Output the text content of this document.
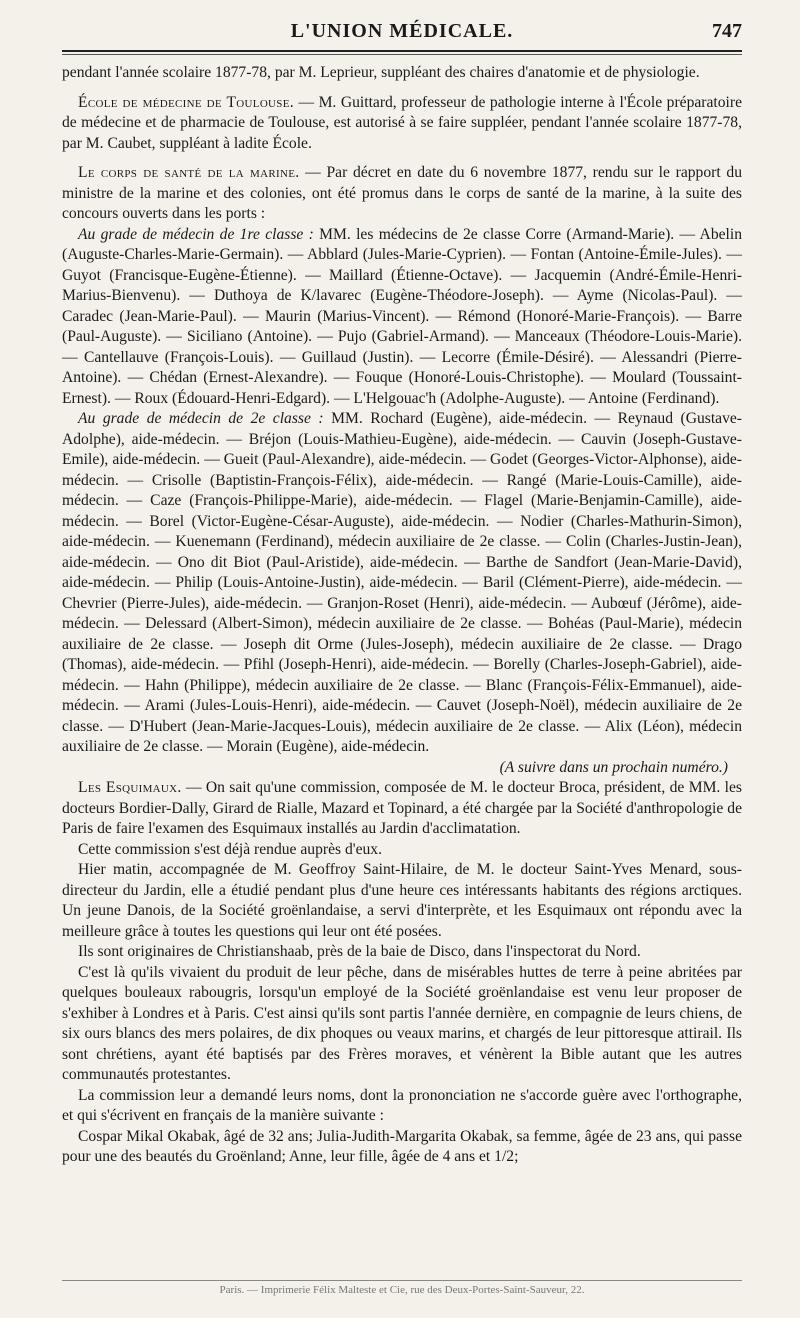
L'UNION MÉDICALE.	747

pendant l'année scolaire 1877-78, par M. Leprieur, suppléant des chaires d'anatomie et de physiologie.

École de médecine de Toulouse. — M. Guittard, professeur de pathologie interne à l'École préparatoire de médecine et de pharmacie de Toulouse, est autorisé à se faire suppléer, pendant l'année scolaire 1877-78, par M. Caubet, suppléant à ladite École.

Le corps de santé de la marine. — Par décret en date du 6 novembre 1877, rendu sur le rapport du ministre de la marine et des colonies, ont été promus dans le corps de santé de la marine, à la suite des concours ouverts dans les ports :

Au grade de médecin de 1re classe : MM. les médecins de 2e classe Corre (Armand-Marie). — Abelin (Auguste-Charles-Marie-Germain). — Abblard (Jules-Marie-Cyprien). — Fontan (Antoine-Émile-Jules). — Guyot (Francisque-Eugène-Étienne). — Maillard (Étienne-Octave). — Jacquemin (André-Émile-Henri-Marius-Bienvenu). — Duthoya de K/lavarec (Eugène-Théodore-Joseph). — Ayme (Nicolas-Paul). — Caradec (Jean-Marie-Paul). — Maurin (Marius-Vincent). — Rémond (Honoré-Marie-François). — Barre (Paul-Auguste). — Siciliano (Antoine). — Pujo (Gabriel-Armand). — Manceaux (Théodore-Louis-Marie). — Cantellauve (François-Louis). — Guillaud (Justin). — Lecorre (Émile-Désiré). — Alessandri (Pierre-Antoine). — Chédan (Ernest-Alexandre). — Fouque (Honoré-Louis-Christophe). — Moulard (Toussaint-Ernest). — Roux (Édouard-Henri-Edgard). — L'Helgouac'h (Adolphe-Auguste). — Antoine (Ferdinand).

Au grade de médecin de 2e classe : MM. Rochard (Eugène), aide-médecin. — Reynaud (Gustave-Adolphe), aide-médecin. — Bréjon (Louis-Mathieu-Eugène), aide-médecin. — Cauvin (Joseph-Gustave-Emile), aide-médecin. — Gueit (Paul-Alexandre), aide-médecin. — Godet (Georges-Victor-Alphonse), aide-médecin. — Crisolle (Baptistin-François-Félix), aide-médecin. — Rangé (Marie-Louis-Camille), aide-médecin. — Caze (François-Philippe-Marie), aide-médecin. — Flagel (Marie-Benjamin-Camille), aide-médecin. — Borel (Victor-Eugène-César-Auguste), aide-médecin. — Nodier (Charles-Mathurin-Simon), aide-médecin. — Kuenemann (Ferdinand), médecin auxiliaire de 2e classe. — Colin (Charles-Justin-Jean), aide-médecin. — Ono dit Biot (Paul-Aristide), aide-médecin. — Barthe de Sandfort (Jean-Marie-David), aide-médecin. — Philip (Louis-Antoine-Justin), aide-médecin. — Baril (Clément-Pierre), aide-médecin. — Chevrier (Pierre-Jules), aide-médecin. — Granjon-Roset (Henri), aide-médecin. — Aubœuf (Jérôme), aide-médecin. — Delessard (Albert-Simon), médecin auxiliaire de 2e classe. — Bohéas (Paul-Marie), médecin auxiliaire de 2e classe. — Joseph dit Orme (Jules-Joseph), médecin auxiliaire de 2e classe. — Drago (Thomas), aide-médecin. — Pfihl (Joseph-Henri), aide-médecin. — Borelly (Charles-Joseph-Gabriel), aide-médecin. — Hahn (Philippe), médecin auxiliaire de 2e classe. — Blanc (François-Félix-Emmanuel), aide-médecin. — Arami (Jules-Louis-Henri), aide-médecin. — Cauvet (Joseph-Noël), médecin auxiliaire de 2e classe. — D'Hubert (Jean-Marie-Jacques-Louis), médecin auxiliaire de 2e classe. — Alix (Léon), médecin auxiliaire de 2e classe. — Morain (Eugène), aide-médecin.

(A suivre dans un prochain numéro.)

Les Esquimaux. — On sait qu'une commission, composée de M. le docteur Broca, président, de MM. les docteurs Bordier-Dally, Girard de Rialle, Mazard et Topinard, a été chargée par la Société d'anthropologie de Paris de faire l'examen des Esquimaux installés au Jardin d'acclimatation.

Cette commission s'est déjà rendue auprès d'eux.

Hier matin, accompagnée de M. Geoffroy Saint-Hilaire, de M. le docteur Saint-Yves Menard, sous-directeur du Jardin, elle a étudié pendant plus d'une heure ces intéressants habitants des régions arctiques. Un jeune Danois, de la Société groënlandaise, a servi d'interprète, et les Esquimaux ont répondu avec la meilleure grâce à toutes les questions qui leur ont été posées.

Ils sont originaires de Christianshaab, près de la baie de Disco, dans l'inspectorat du Nord.

C'est là qu'ils vivaient du produit de leur pêche, dans de misérables huttes de terre à peine abritées par quelques bouleaux rabougris, lorsqu'un employé de la Société groënlandaise est venu leur proposer de s'exhiber à Londres et à Paris. C'est ainsi qu'ils sont partis l'année dernière, en compagnie de leurs chiens, de six ours blancs des mers polaires, de dix phoques ou veaux marins, et chargés de leur pittoresque attirail. Ils sont chrétiens, ayant été baptisés par des Frères moraves, et vénèrent la Bible autant que les autres communautés protestantes.

La commission leur a demandé leurs noms, dont la prononciation ne s'accorde guère avec l'orthographe, et qui s'écrivent en français de la manière suivante :

Cospar Mikal Okabak, âgé de 32 ans; Julia-Judith-Margarita Okabak, sa femme, âgée de 23 ans, qui passe pour une des beautés du Groënland; Anne, leur fille, âgée de 4 ans et 1/2;

Paris. — Imprimerie Félix Malteste et Cie, rue des Deux-Portes-Saint-Sauveur, 22.
